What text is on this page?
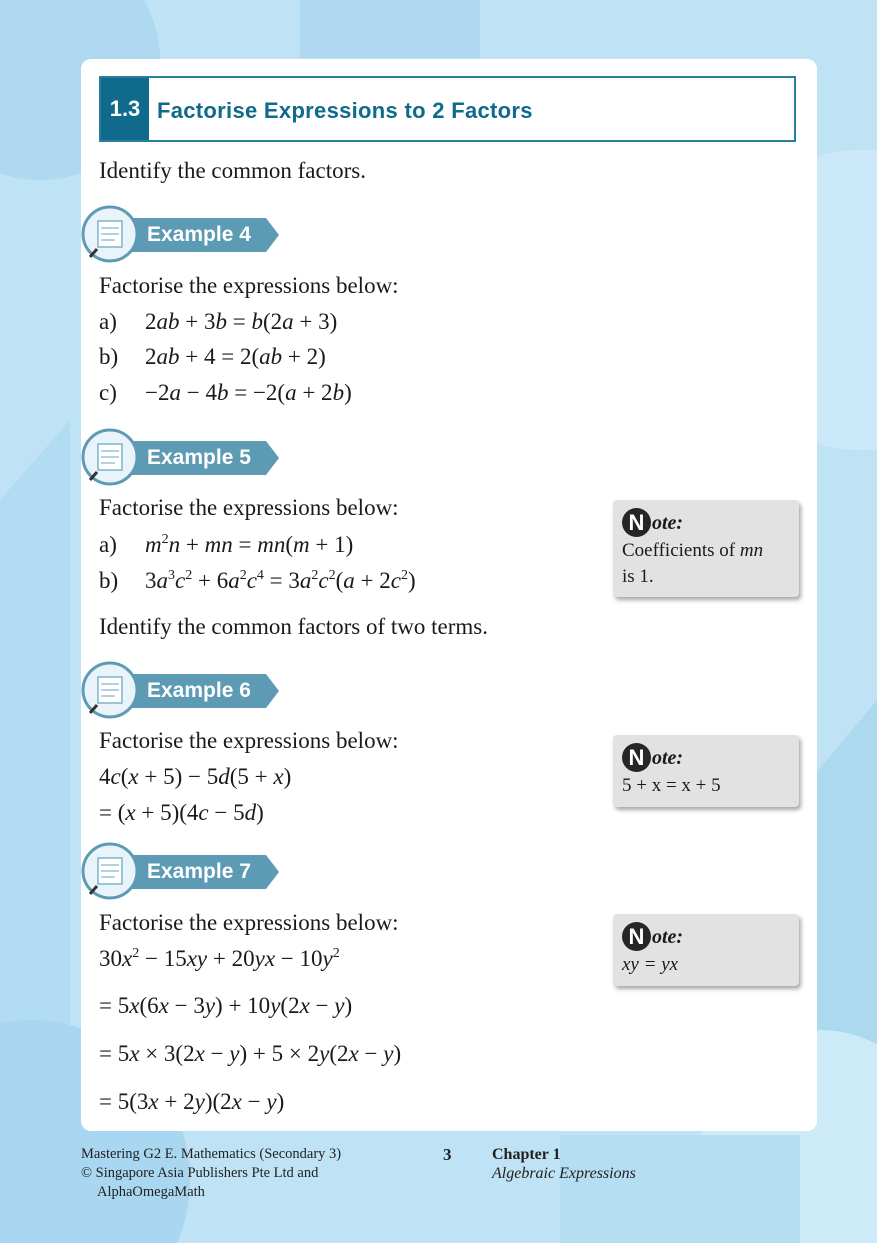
1.3 Factorise Expressions to 2 Factors
Identify the common factors.
Example 4
Factorise the expressions below:
a) 2ab + 3b = b(2a + 3)
b) 2ab + 4 = 2(ab + 2)
c) −2a − 4b = −2(a + 2b)
Example 5
Factorise the expressions below:
a) $m^2n$ + mn = mn(m + 1)
b) $3a^3c^2 + 6a^2c^4 = 3a^2c^2(a + 2c^2)$
N ote:
Coefficients of mn
is 1.
Identify the common factors of two terms.
Example 6
Factorise the expressions below:
4c(x + 5) − 5d(5 + x)
= (x + 5)(4c − 5d)
N ote:
5 + x = x + 5
Example 7
Factorise the expressions below:
$30x^2 - 15xy + 20yx - 10y^2$
= 5x(6x − 3y) + 10y(2x − y)
= 5x × 3(2x − y) + 5 × 2y(2x − y)
= 5(3x + 2y)(2x − y)
N ote:
xy = yx
Mastering G2 E. Mathematics (Secondary 3)
© Singapore Asia Publishers Pte Ltd and
AlphaOmegaMath
3	Chapter 1
Algebraic Expressions
